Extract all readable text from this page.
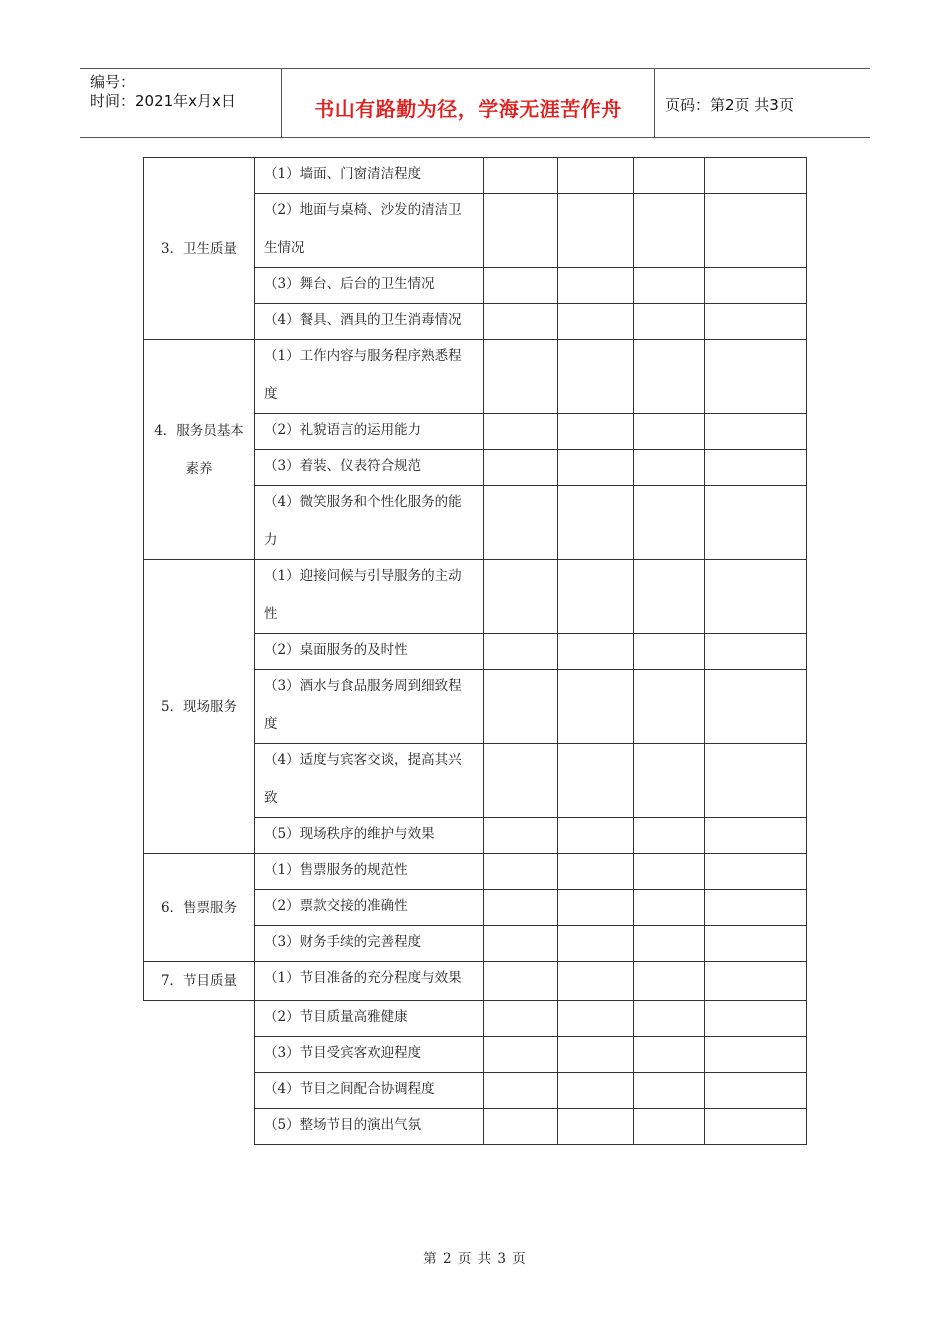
编号：
时间：2021年x月x日	书山有路勤为径，学海无涯苦作舟	页码：第2页 共3页
3．卫生质量	（1）墙面、门窗清洁程度				

	（2）地面与桌椅、沙发的清洁卫生情况				

	（3）舞台、后台的卫生情况				

	（4）餐具、酒具的卫生消毒情况				

4．服务员基本素养	（1）工作内容与服务程序熟悉程度				

	（2）礼貌语言的运用能力				

	（3）着装、仪表符合规范				

	（4）微笑服务和个性化服务的能力				

5．现场服务	（1）迎接问候与引导服务的主动性				

	（2）桌面服务的及时性				

	（3）酒水与食品服务周到细致程度				

	（4）适度与宾客交谈，提高其兴致				

	（5）现场秩序的维护与效果				

6．售票服务	（1）售票服务的规范性				

	（2）票款交接的准确性				

	（3）财务手续的完善程度				

7．节目质量	（1）节目准备的充分程度与效果				

	（2）节目质量高雅健康				

	（3）节目受宾客欢迎程度				

	（4）节目之间配合协调程度				

	（5）整场节目的演出气氛				

第 2 页 共 3 页
